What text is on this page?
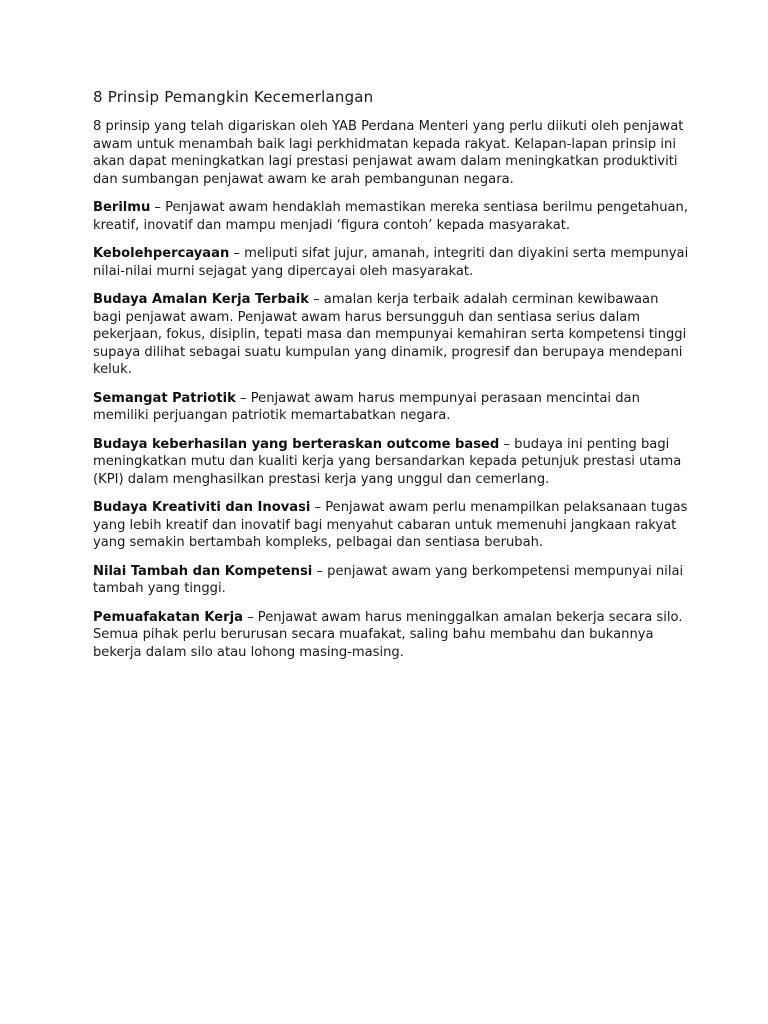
8 Prinsip Pemangkin Kecemerlangan

8 prinsip yang telah digariskan oleh YAB Perdana Menteri yang perlu diikuti oleh penjawat awam untuk menambah baik lagi perkhidmatan kepada rakyat. Kelapan-lapan prinsip ini akan dapat meningkatkan lagi prestasi penjawat awam dalam meningkatkan produktiviti dan sumbangan penjawat awam ke arah pembangunan negara.

Berilmu – Penjawat awam hendaklah memastikan mereka sentiasa berilmu pengetahuan, kreatif, inovatif dan mampu menjadi ‘figura contoh’ kepada masyarakat.

Kebolehpercayaan – meliputi sifat jujur, amanah, integriti dan diyakini serta mempunyai nilai-nilai murni sejagat yang dipercayai oleh masyarakat.

Budaya Amalan Kerja Terbaik – amalan kerja terbaik adalah cerminan kewibawaan bagi penjawat awam. Penjawat awam harus bersungguh dan sentiasa serius dalam pekerjaan, fokus, disiplin, tepati masa dan mempunyai kemahiran serta kompetensi tinggi supaya dilihat sebagai suatu kumpulan yang dinamik, progresif dan berupaya mendepani keluk.

Semangat Patriotik – Penjawat awam harus mempunyai perasaan mencintai dan memiliki perjuangan patriotik memartabatkan negara.

Budaya keberhasilan yang berteraskan outcome based – budaya ini penting bagi meningkatkan mutu dan kualiti kerja yang bersandarkan kepada petunjuk prestasi utama (KPI) dalam menghasilkan prestasi kerja yang unggul dan cemerlang.

Budaya Kreativiti dan Inovasi – Penjawat awam perlu menampilkan pelaksanaan tugas yang lebih kreatif dan inovatif bagi menyahut cabaran untuk memenuhi jangkaan rakyat yang semakin bertambah kompleks, pelbagai dan sentiasa berubah.

Nilai Tambah dan Kompetensi – penjawat awam yang berkompetensi mempunyai nilai tambah yang tinggi.

Pemuafakatan Kerja – Penjawat awam harus meninggalkan amalan bekerja secara silo. Semua pihak perlu berurusan secara muafakat, saling bahu membahu dan bukannya bekerja dalam silo atau lohong masing-masing.
